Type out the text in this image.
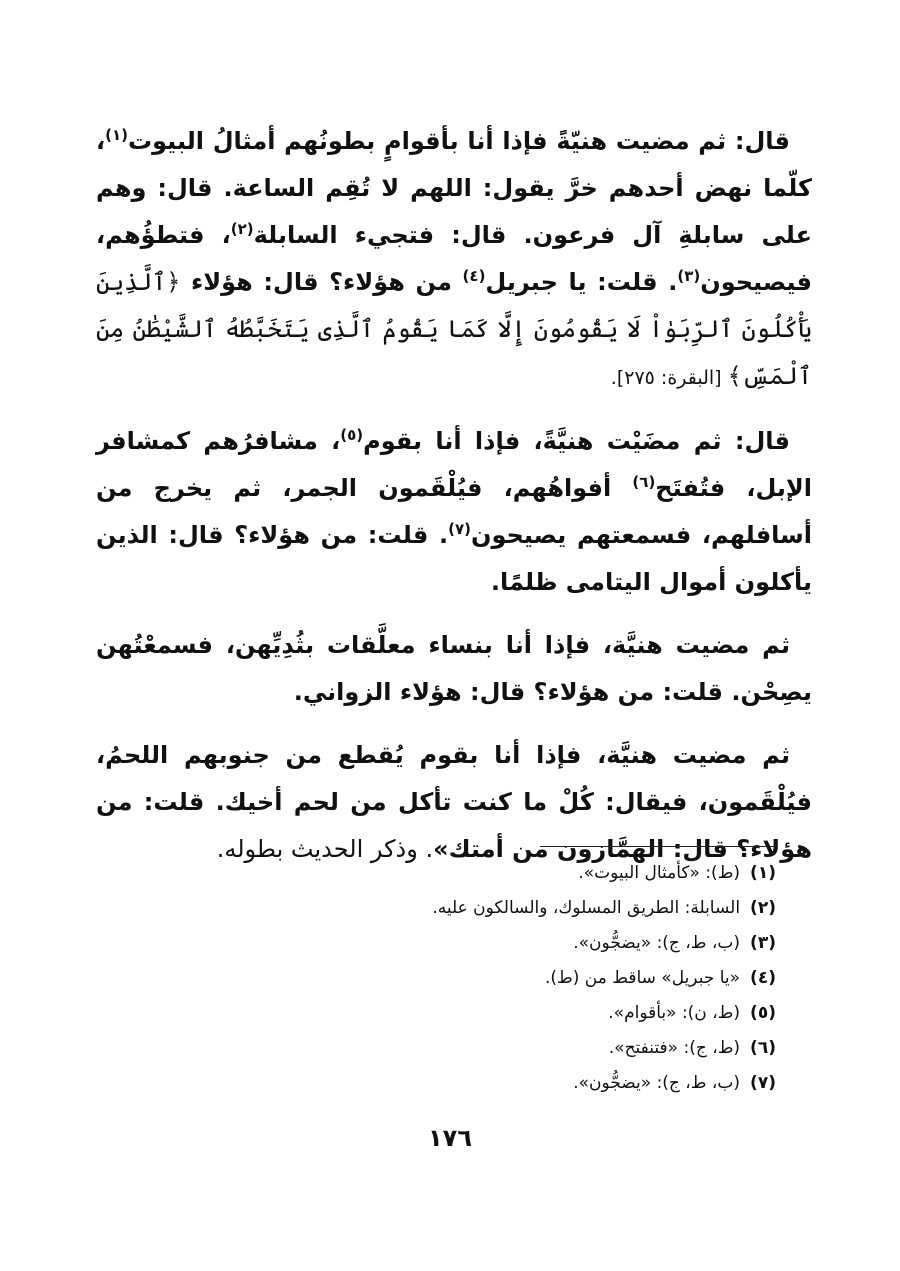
قال: ثم مضيت هنيّةً فإذا أنا بأقوامٍ بطونُهم أمثالُ البيوت$^{(١)}$، كلّما نهض أحدهم خرَّ يقول: اللهم لا تُقِم الساعة. قال: وهم على سابلةِ آل فرعون. قال: فتجيء السابلة$^{(٢)}$، فتطؤُهم، فيصيحون$^{(٣)}$. قلت: يا جبريل$^{(٤)}$ من هؤلاء؟ قال: هؤلاء ﴿ٱلَّذِينَ يَأْكُلُونَ ٱلرِّبَوٰاْ لَا يَقُومُونَ إِلَّا كَمَا يَقُومُ ٱلَّذِى يَتَخَبَّطُهُ ٱلشَّيْطَٰنُ مِنَ ٱلْمَسِّ﴾ [البقرة: ٢٧٥].

قال: ثم مضَيْت هنيَّةً، فإذا أنا بقوم$^{(٥)}$، مشافرُهم كمشافر الإبل، فتُفتَح$^{(٦)}$ أفواهُهم، فيُلْقَمون الجمر، ثم يخرج من أسافلهم، فسمعتهم يصيحون$^{(٧)}$. قلت: من هؤلاء؟ قال: الذين يأكلون أموال اليتامى ظلمًا.

ثم مضيت هنيَّة، فإذا أنا بنساء معلَّقات بثُدِيِّهن، فسمعْتُهن يصِحْن. قلت: من هؤلاء؟ قال: هؤلاء الزواني.

ثم مضيت هنيَّة، فإذا أنا بقوم يُقطع من جنوبهم اللحمُ، فيُلْقَمون، فيقال: كُلْ ما كنت تأكل من لحم أخيك. قلت: من هؤلاء؟ قال: الهمَّازون من أمتك». وذكر الحديث بطوله.

(١)(ط): «كأمثال البيوت».
(٢)السابلة: الطريق المسلوك، والسالكون عليه.
(٣)(ب، ط، ج): «يضجُّون».
(٤)«يا جبريل» ساقط من (ط).
(٥)(ط، ن): «بأقوام».
(٦)(ط، ج): «فتنفتح».
(٧)(ب، ط، ج): «يضجُّون».
١٧٦
